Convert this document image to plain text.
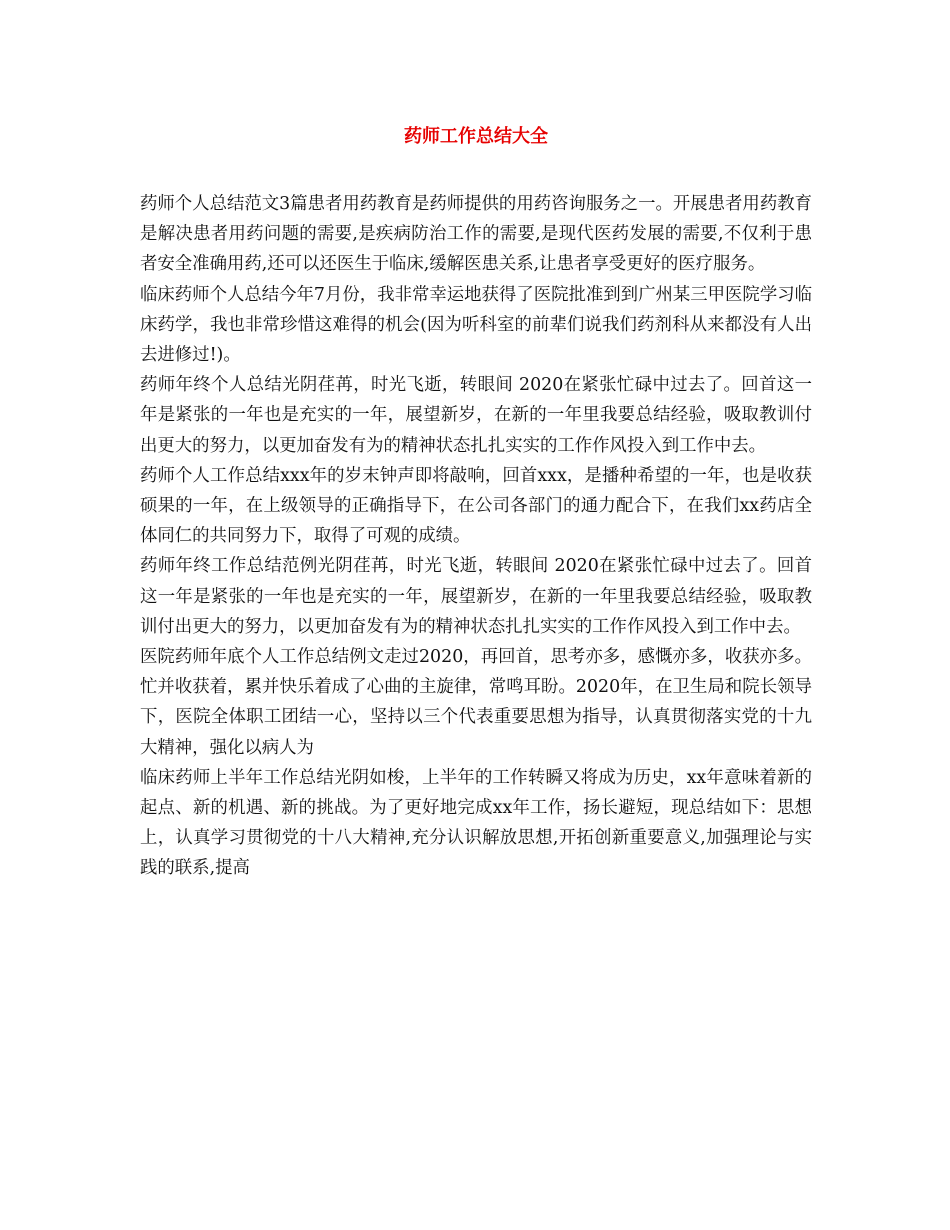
药师工作总结大全

药师个人总结范文3篇患者用药教育是药师提供的用药咨询服务之一。开展患者用药教育是解决患者用药问题的需要,是疾病防治工作的需要,是现代医药发展的需要,不仅利于患者安全准确用药,还可以还医生于临床,缓解医患关系,让患者享受更好的医疗服务。

临床药师个人总结今年7月份，我非常幸运地获得了医院批准到到广州某三甲医院学习临床药学，我也非常珍惜这难得的机会(因为听科室的前辈们说我们药剂科从来都没有人出去进修过!)。

药师年终个人总结光阴荏苒，时光飞逝，转眼间 2020在紧张忙碌中过去了。回首这一年是紧张的一年也是充实的一年，展望新岁，在新的一年里我要总结经验，吸取教训付出更大的努力，以更加奋发有为的精神状态扎扎实实的工作作风投入到工作中去。

药师个人工作总结xxx年的岁末钟声即将敲响，回首xxx，是播种希望的一年，也是收获硕果的一年，在上级领导的正确指导下，在公司各部门的通力配合下，在我们xx药店全体同仁的共同努力下，取得了可观的成绩。

药师年终工作总结范例光阴荏苒，时光飞逝，转眼间 2020在紧张忙碌中过去了。回首这一年是紧张的一年也是充实的一年，展望新岁，在新的一年里我要总结经验，吸取教训付出更大的努力，以更加奋发有为的精神状态扎扎实实的工作作风投入到工作中去。

医院药师年底个人工作总结例文走过2020，再回首，思考亦多，感慨亦多，收获亦多。忙并收获着，累并快乐着成了心曲的主旋律，常鸣耳盼。2020年，在卫生局和院长领导下，医院全体职工团结一心，坚持以三个代表重要思想为指导，认真贯彻落实党的十九大精神，强化以病人为

临床药师上半年工作总结光阴如梭，上半年的工作转瞬又将成为历史，xx年意味着新的起点、新的机遇、新的挑战。为了更好地完成xx年工作，扬长避短，现总结如下：思想上，认真学习贯彻党的十八大精神,充分认识解放思想,开拓创新重要意义,加强理论与实践的联系,提高
